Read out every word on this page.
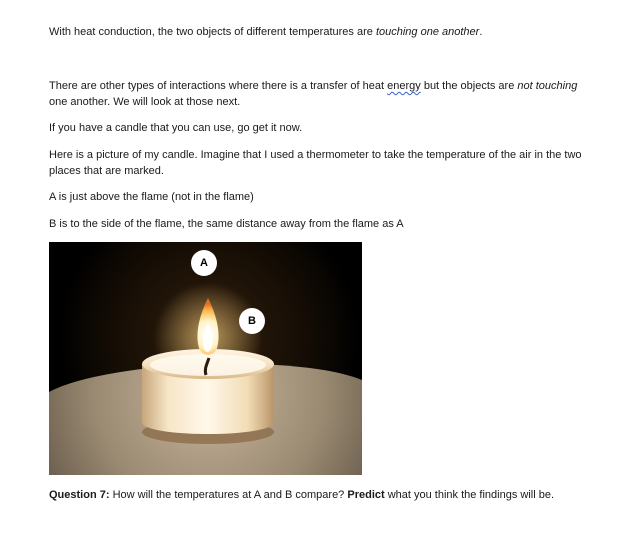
With heat conduction, the two objects of different temperatures are touching one another.
There are other types of interactions where there is a transfer of heat energy but the objects are not touching one another. We will look at those next.
If you have a candle that you can use, go get it now.
Here is a picture of my candle. Imagine that I used a thermometer to take the temperature of the air in the two places that are marked.
A is just above the flame (not in the flame)
B is to the side of the flame, the same distance away from the flame as A
Question 7: How will the temperatures at A and B compare? Predict what you think the findings will be.
A
B
